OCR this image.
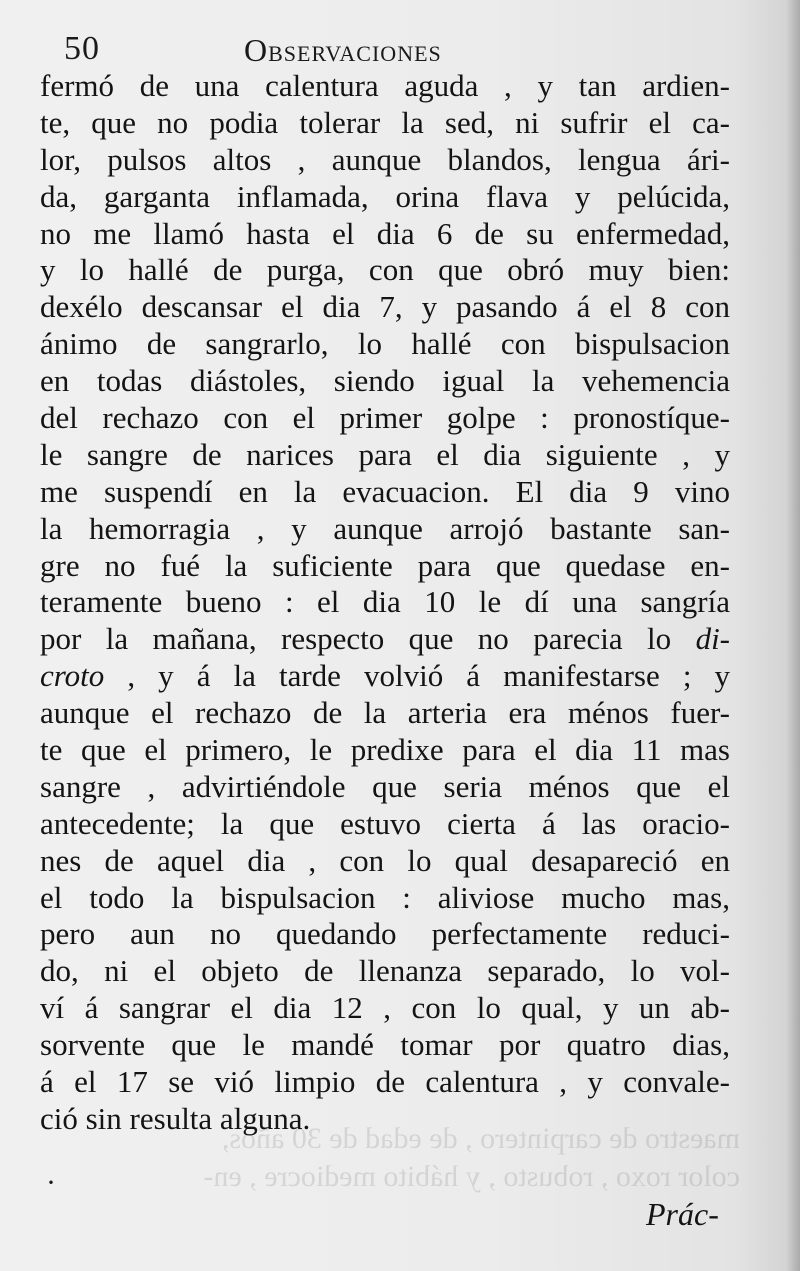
maestro de carpintero , de edad de 30 años,
color roxo , robusto , y hábito mediocre , en-
50	Observaciones
fermó de una calentura aguda , y tan ardien-
te, que no podia tolerar la sed, ni sufrir el ca-
lor, pulsos altos , aunque blandos, lengua ári-
da, garganta inflamada, orina flava y pelúcida,
no me llamó hasta el dia 6 de su enfermedad,
y lo hallé de purga, con que obró muy bien:
dexélo descansar el dia 7, y pasando á el 8 con
ánimo de sangrarlo, lo hallé con bispulsacion
en todas diástoles, siendo igual la vehemencia
del rechazo con el primer golpe : pronostíque-
le sangre de narices para el dia siguiente , y
me suspendí en la evacuacion. El dia 9 vino
la hemorragia , y aunque arrojó bastante san-
gre no fué la suficiente para que quedase en-
teramente bueno : el dia 10 le dí una sangría
por la mañana, respecto que no parecia lo di-
croto , y á la tarde volvió á manifestarse ; y
aunque el rechazo de la arteria era ménos fuer-
te que el primero, le predixe para el dia 11 mas
sangre , advirtiéndole que seria ménos que el
antecedente; la que estuvo cierta á las oracio-
nes de aquel dia , con lo qual desapareció en
el todo la bispulsacion : aliviose mucho mas,
pero aun no quedando perfectamente reduci-
do, ni el objeto de llenanza separado, lo vol-
ví á sangrar el dia 12 , con lo qual, y un ab-
sorvente que le mandé tomar por quatro dias,
á el 17 se vió limpio de calentura , y convale-
ció sin resulta alguna.
·
Prác-
